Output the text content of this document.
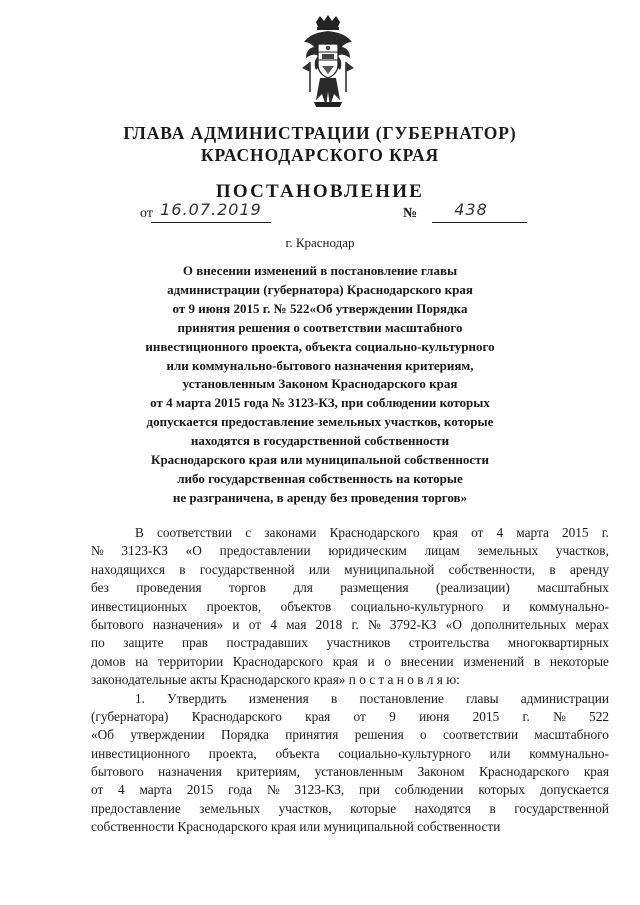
ГЛАВА АДМИНИСТРАЦИИ (ГУБЕРНАТОР)
КРАСНОДАРСКОГО КРАЯ
ПОСТАНОВЛЕНИЕ
от 16.07.2019	№	438
г. Краснодар
О внесении изменений в постановление главы
администрации (губернатора) Краснодарского края
от 9 июня 2015 г. № 522«Об утверждении Порядка
принятия решения о соответствии масштабного
инвестиционного проекта, объекта социально-культурного
или коммунально-бытового назначения критериям,
установленным Законом Краснодарского края
от 4 марта 2015 года № 3123-КЗ, при соблюдении которых
допускается предоставление земельных участков, которые
находятся в государственной собственности
Краснодарского края или муниципальной собственности
либо государственная собственность на которые
не разграничена, в аренду без проведения торгов»
В соответствии с законами Краснодарского края от 4 марта 2015 г.
№ 3123-КЗ «О предоставлении юридическим лицам земельных участков,
находящихся в государственной или муниципальной собственности, в аренду
без проведения торгов для размещения (реализации) масштабных
инвестиционных проектов, объектов социально-культурного и коммунально-
бытового назначения» и от 4 мая 2018 г. № 3792-КЗ «О дополнительных мерах
по защите прав пострадавших участников строительства многоквартирных
домов на территории Краснодарского края и о внесении изменений в некоторые
законодательные акты Краснодарского края» п о с т а н о в л я ю:
1. Утвердить изменения в постановление главы администрации
(губернатора) Краснодарского края от 9 июня 2015 г. № 522
«Об утверждении Порядка принятия решения о соответствии масштабного
инвестиционного проекта, объекта социально-культурного или коммунально-
бытового назначения критериям, установленным Законом Краснодарского края
от 4 марта 2015 года № 3123-КЗ, при соблюдении которых допускается
предоставление земельных участков, которые находятся в государственной
собственности Краснодарского края или муниципальной собственности
